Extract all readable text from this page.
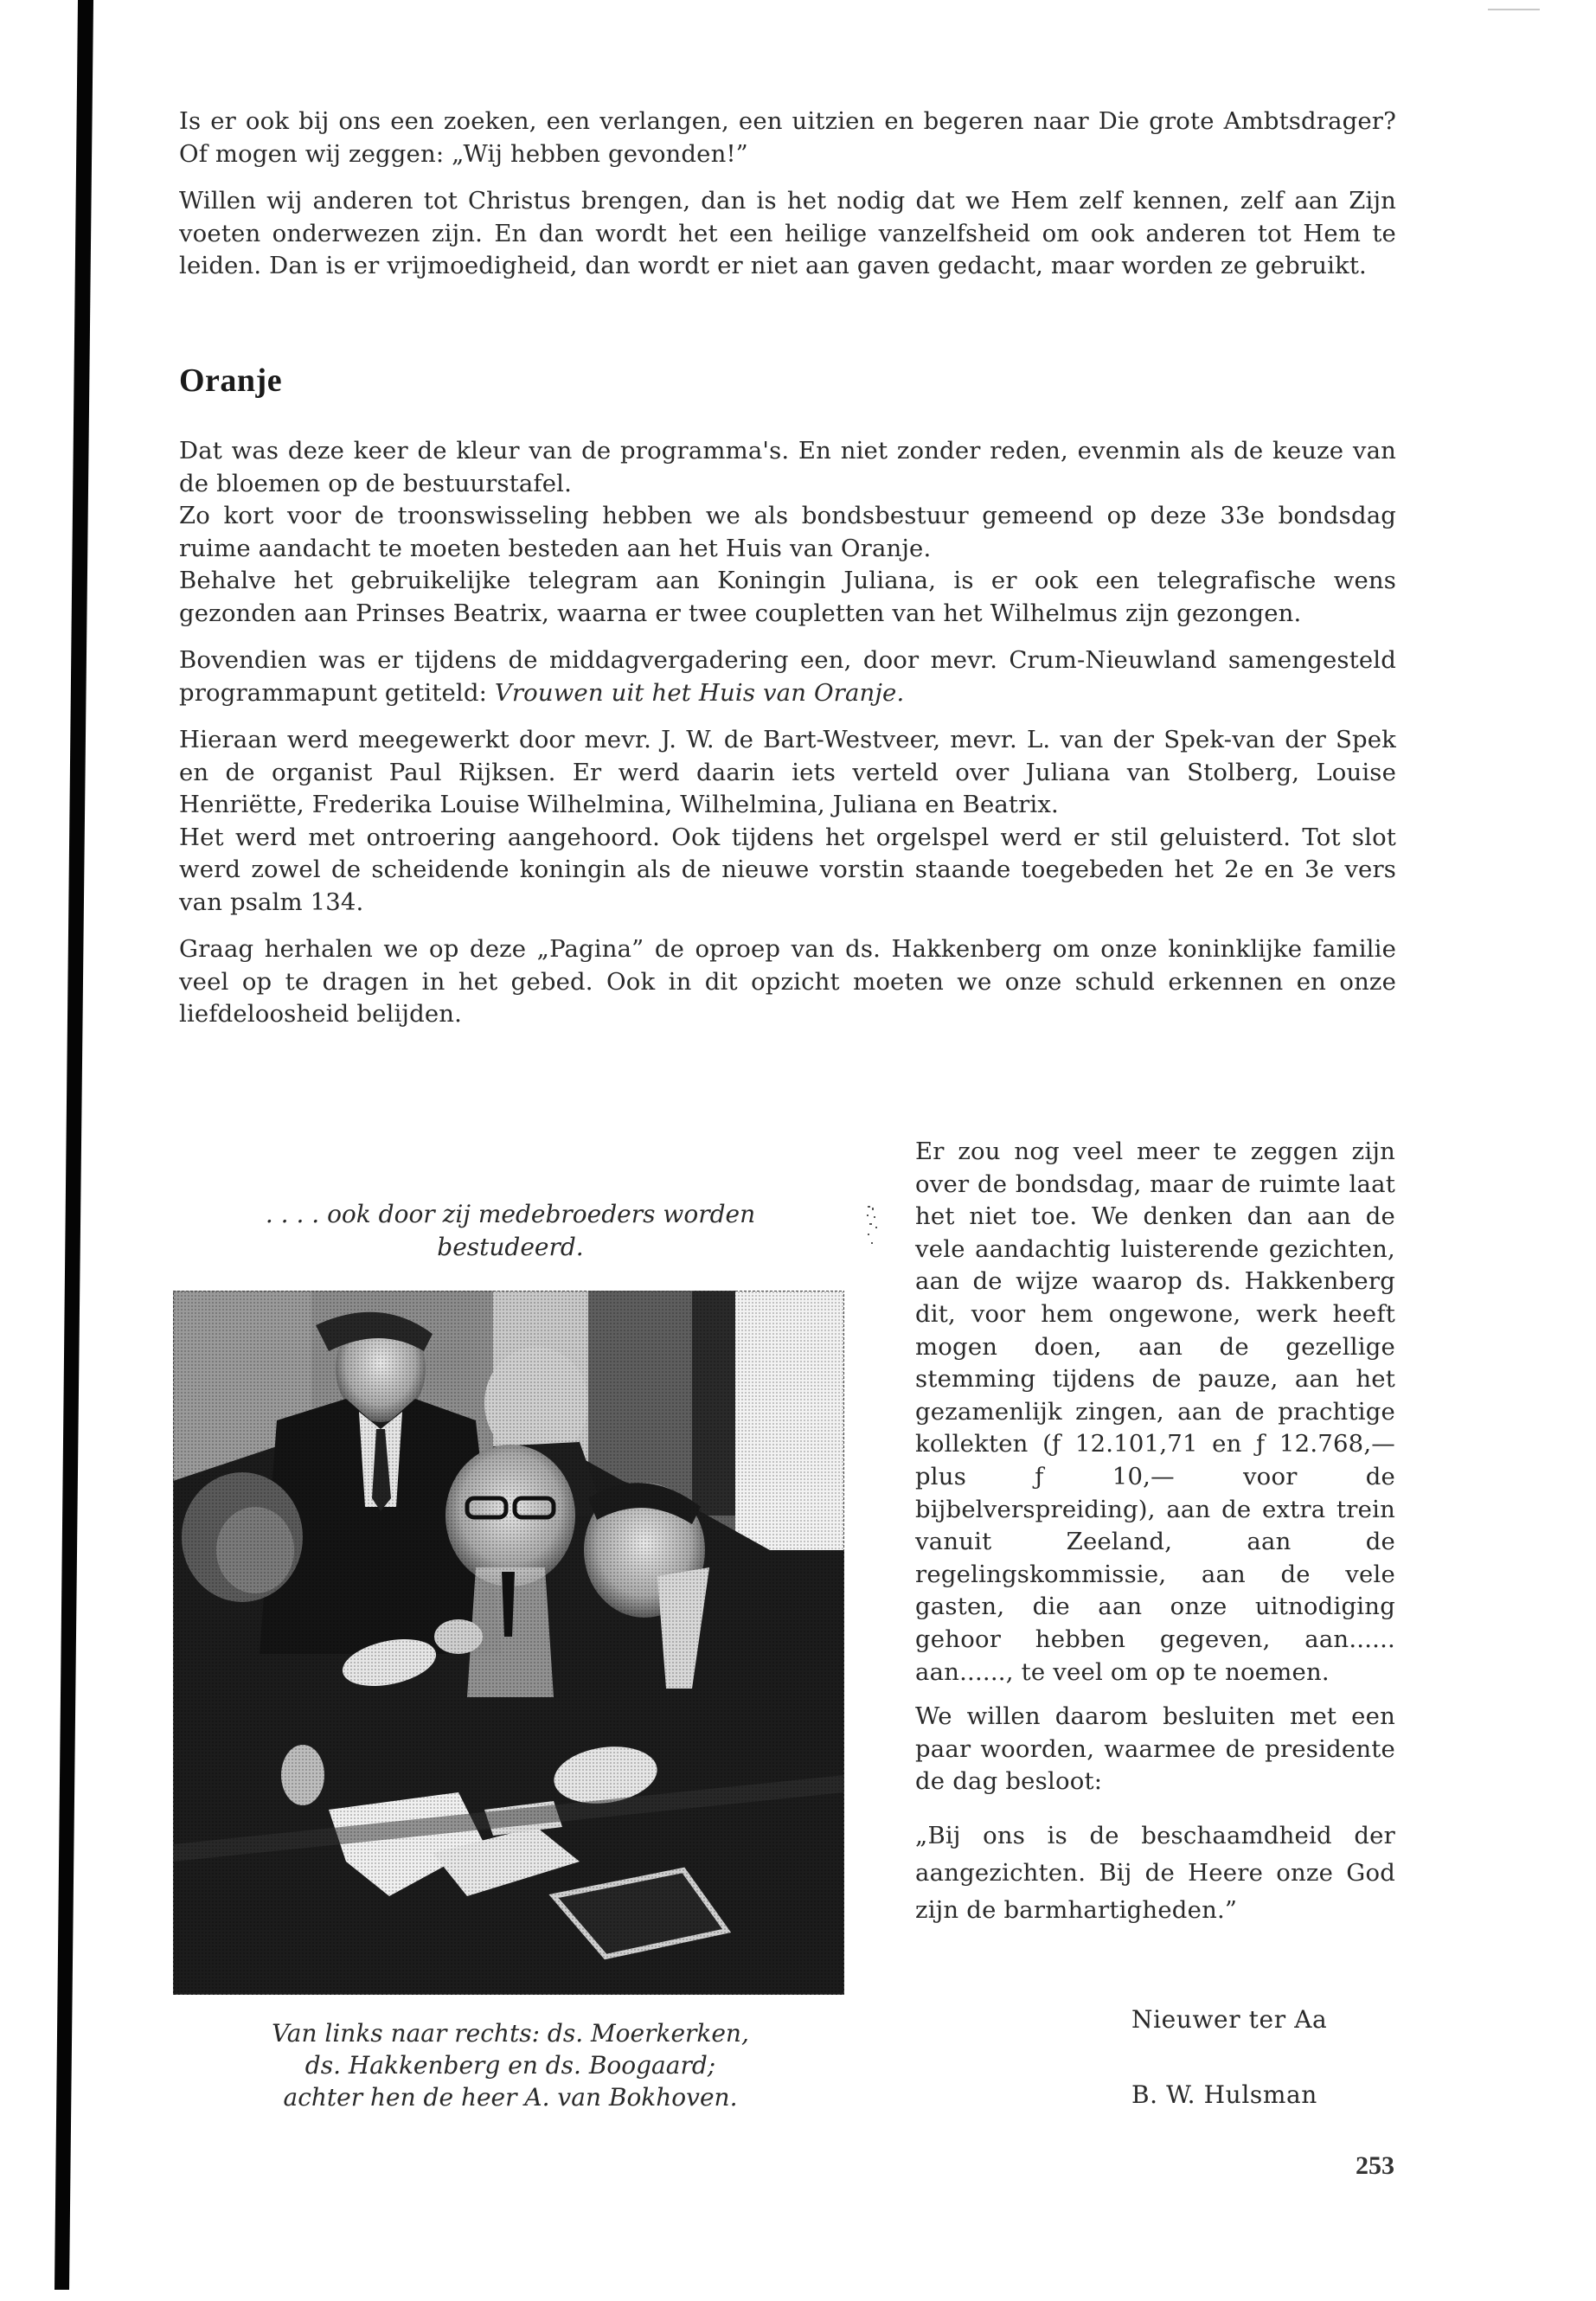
Is er ook bij ons een zoeken, een verlangen, een uitzien en begeren naar Die grote Ambtsdrager? Of mogen wij zeggen: „Wij hebben gevonden!”

Willen wij anderen tot Christus brengen, dan is het nodig dat we Hem zelf kennen, zelf aan Zijn voeten onderwezen zijn. En dan wordt het een heilige vanzelfsheid om ook anderen tot Hem te leiden. Dan is er vrijmoedigheid, dan wordt er niet aan gaven gedacht, maar worden ze gebruikt.

Oranje

Dat was deze keer de kleur van de programma's. En niet zonder reden, evenmin als de keuze van de bloemen op de bestuurstafel.

Zo kort voor de troonswisseling hebben we als bondsbestuur gemeend op deze 33e bondsdag ruime aandacht te moeten besteden aan het Huis van Oranje.

Behalve het gebruikelijke telegram aan Koningin Juliana, is er ook een telegrafische wens gezonden aan Prinses Beatrix, waarna er twee coupletten van het Wilhelmus zijn gezongen.

Bovendien was er tijdens de middagvergadering een, door mevr. Crum-Nieuwland samengesteld programmapunt getiteld: Vrouwen uit het Huis van Oranje.

Hieraan werd meegewerkt door mevr. J. W. de Bart-Westveer, mevr. L. van der Spek-van der Spek en de organist Paul Rijksen. Er werd daarin iets verteld over Juliana van Stolberg, Louise Henriëtte, Frederika Louise Wilhelmina, Wilhelmina, Juliana en Beatrix.

Het werd met ontroering aangehoord. Ook tijdens het orgelspel werd er stil geluisterd. Tot slot werd zowel de scheidende koningin als de nieuwe vorstin staande toegebeden het 2e en 3e vers van psalm 134.

Graag herhalen we op deze „Pagina” de oproep van ds. Hakkenberg om onze koninklijke familie veel op te dragen in het gebed. Ook in dit opzicht moeten we onze schuld erkennen en onze liefdeloosheid belijden.

. . . . ook door zij medebroeders worden bestudeerd.
Van links naar rechts: ds. Moerkerken,
ds. Hakkenberg en ds. Boogaard;
achter hen de heer A. van Bokhoven.

Er zou nog veel meer te zeggen zijn over de bondsdag, maar de ruimte laat het niet toe. We denken dan aan de vele aandachtig luisterende gezichten, aan de wijze waarop ds. Hakkenberg dit, voor hem ongewone, werk heeft mogen doen, aan de gezellige stemming tijdens de pauze, aan het gezamenlijk zingen, aan de prachtige kollekten (ƒ 12.101,71 en ƒ 12.768,— plus ƒ 10,— voor de bijbelverspreiding), aan de extra trein vanuit Zeeland, aan de regelingskommissie, aan de vele gasten, die aan onze uitnodiging gehoor hebben gegeven, aan...... aan......, te veel om op te noemen.

We willen daarom besluiten met een paar woorden, waarmee de presidente de dag besloot:

„Bij ons is de beschaamdheid der aangezichten. Bij de Heere onze God zijn de barmhartigheden.”

Nieuwer ter Aa
B. W. Hulsman
253
